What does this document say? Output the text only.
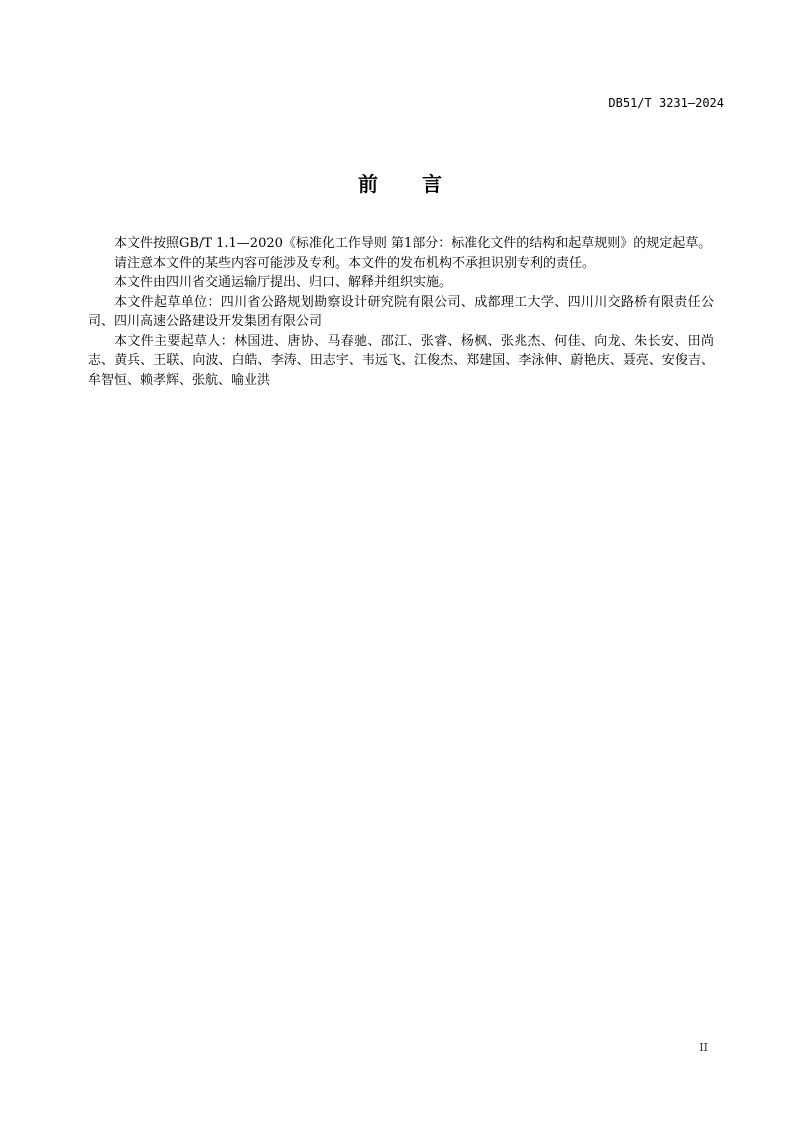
DB51/T 3231—2024
前 言

本文件按照GB/T 1.1—2020《标准化工作导则 第1部分：标准化文件的结构和起草规则》的规定起草。

请注意本文件的某些内容可能涉及专利。本文件的发布机构不承担识别专利的责任。

本文件由四川省交通运输厅提出、归口、解释并组织实施。

本文件起草单位：四川省公路规划勘察设计研究院有限公司、成都理工大学、四川川交路桥有限责任公司、四川高速公路建设开发集团有限公司

本文件主要起草人：林国进、唐协、马春驰、邵江、张睿、杨枫、张兆杰、何佳、向龙、朱长安、田尚志、黄兵、王联、向波、白皓、李涛、田志宇、韦远飞、江俊杰、郑建国、李泳伸、蔚艳庆、聂亮、安俊吉、牟智恒、赖孝辉、张航、喻业洪

II
